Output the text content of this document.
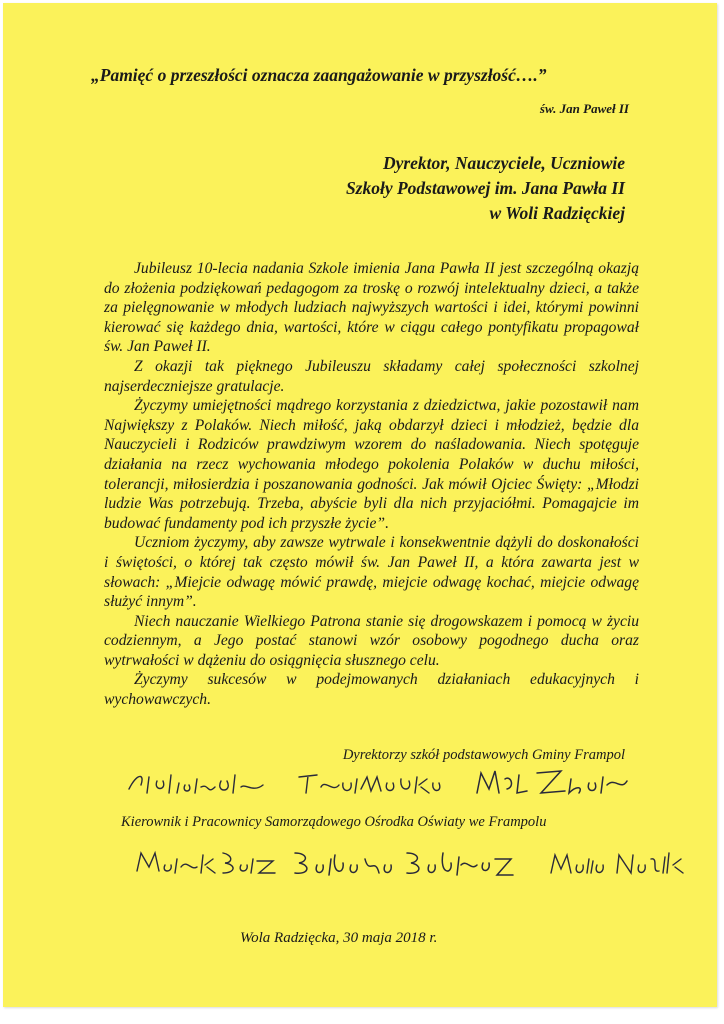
„Pamięć o przeszłości oznacza zaangażowanie w przyszłość….”
św. Jan Paweł II
Dyrektor, Nauczyciele, Uczniowie
Szkoły Podstawowej im. Jana Pawła II
w Woli Radzięckiej

Jubileusz 10-lecia nadania Szkole imienia Jana Pawła II jest szczególną okazją do złożenia podziękowań pedagogom za troskę o rozwój intelektualny dzieci, a także za pielęgnowanie w młodych ludziach najwyższych wartości i idei, którymi powinni kierować się każdego dnia, wartości, które w ciągu całego pontyfikatu propagował św. Jan Paweł II.

Z okazji tak pięknego Jubileuszu składamy całej społeczności szkolnej najserdeczniejsze gratulacje.

Życzymy umiejętności mądrego korzystania z dziedzictwa, jakie pozostawił nam Największy z Polaków. Niech miłość, jaką obdarzył dzieci i młodzież, będzie dla Nauczycieli i Rodziców prawdziwym wzorem do naśladowania. Niech spotęguje działania na rzecz wychowania młodego pokolenia Polaków w duchu miłości, tolerancji, miłosierdzia i poszanowania godności. Jak mówił Ojciec Święty: „Młodzi ludzie Was potrzebują. Trzeba, abyście byli dla nich przyjaciółmi. Pomagajcie im budować fundamenty pod ich przyszłe życie”.

Uczniom życzymy, aby zawsze wytrwale i konsekwentnie dążyli do doskonałości i świętości, o której tak często mówił św. Jan Paweł II, a która zawarta jest w słowach: „Miejcie odwagę mówić prawdę, miejcie odwagę kochać, miejcie odwagę służyć innym”.

Niech nauczanie Wielkiego Patrona stanie się drogowskazem i pomocą w życiu codziennym, a Jego postać stanowi wzór osobowy pogodnego ducha oraz wytrwałości w dążeniu do osiągnięcia słusznego celu.

Życzymy sukcesów w podejmowanych działaniach edukacyjnych i wychowawczych.

Dyrektorzy szkół podstawowych Gminy Frampol
Kierownik i Pracownicy Samorządowego Ośrodka Oświaty we Frampolu
Wola Radzięcka, 30 maja 2018 r.
